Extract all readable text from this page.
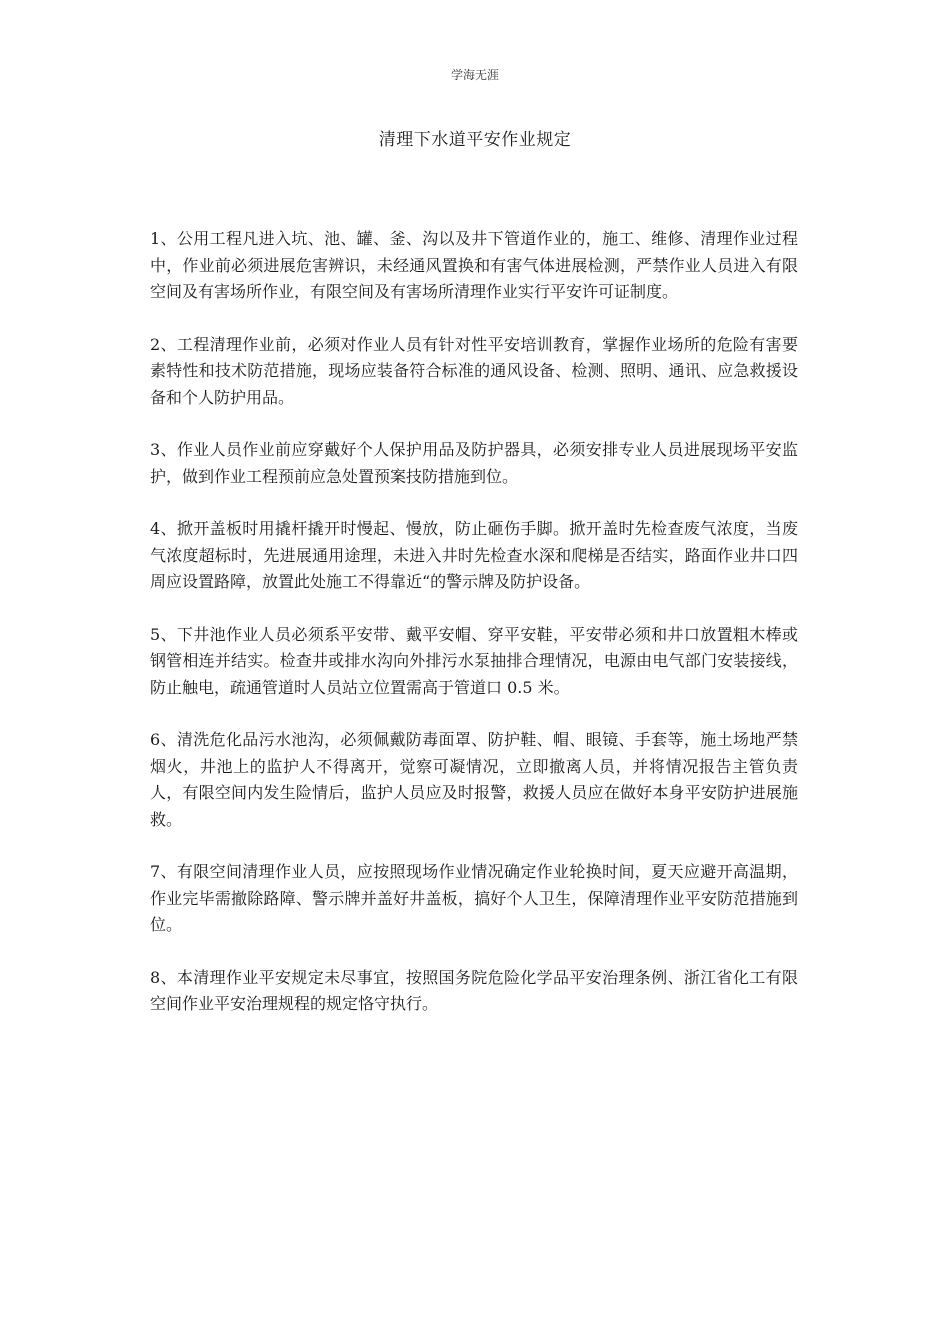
学海无涯
清理下水道平安作业规定

1、公用工程凡进入坑、池、罐、釜、沟以及井下管道作业的，施工、维修、清理作业过程中，作业前必须进展危害辨识，未经通风置换和有害气体进展检测，严禁作业人员进入有限空间及有害场所作业，有限空间及有害场所清理作业实行平安许可证制度。

2、工程清理作业前，必须对作业人员有针对性平安培训教育，掌握作业场所的危险有害要素特性和技术防范措施，现场应装备符合标准的通风设备、检测、照明、通讯、应急救援设备和个人防护用品。

3、作业人员作业前应穿戴好个人保护用品及防护器具，必须安排专业人员进展现场平安监护，做到作业工程预前应急处置预案技防措施到位。

4、掀开盖板时用撬杆撬开时慢起、慢放，防止砸伤手脚。掀开盖时先检查废气浓度，当废气浓度超标时，先进展通用途理，未进入井时先检查水深和爬梯是否结实，路面作业井口四周应设置路障，放置此处施工不得靠近“的警示牌及防护设备。

5、下井池作业人员必须系平安带、戴平安帽、穿平安鞋，平安带必须和井口放置粗木棒或钢管相连并结实。检查井或排水沟向外排污水泵抽排合理情况，电源由电气部门安装接线，防止触电，疏通管道时人员站立位置需高于管道口 0.5 米。

6、清洗危化品污水池沟，必须佩戴防毒面罩、防护鞋、帽、眼镜、手套等，施土场地严禁烟火，井池上的监护人不得离开，觉察可凝情况，立即撤离人员，并将情况报告主管负责人，有限空间内发生险情后，监护人员应及时报警，救援人员应在做好本身平安防护进展施救。

7、有限空间清理作业人员，应按照现场作业情况确定作业轮换时间，夏天应避开高温期，作业完毕需撤除路障、警示牌并盖好井盖板，搞好个人卫生，保障清理作业平安防范措施到位。

8、本清理作业平安规定未尽事宜，按照国务院危险化学品平安治理条例、浙江省化工有限空间作业平安治理规程的规定恪守执行。
